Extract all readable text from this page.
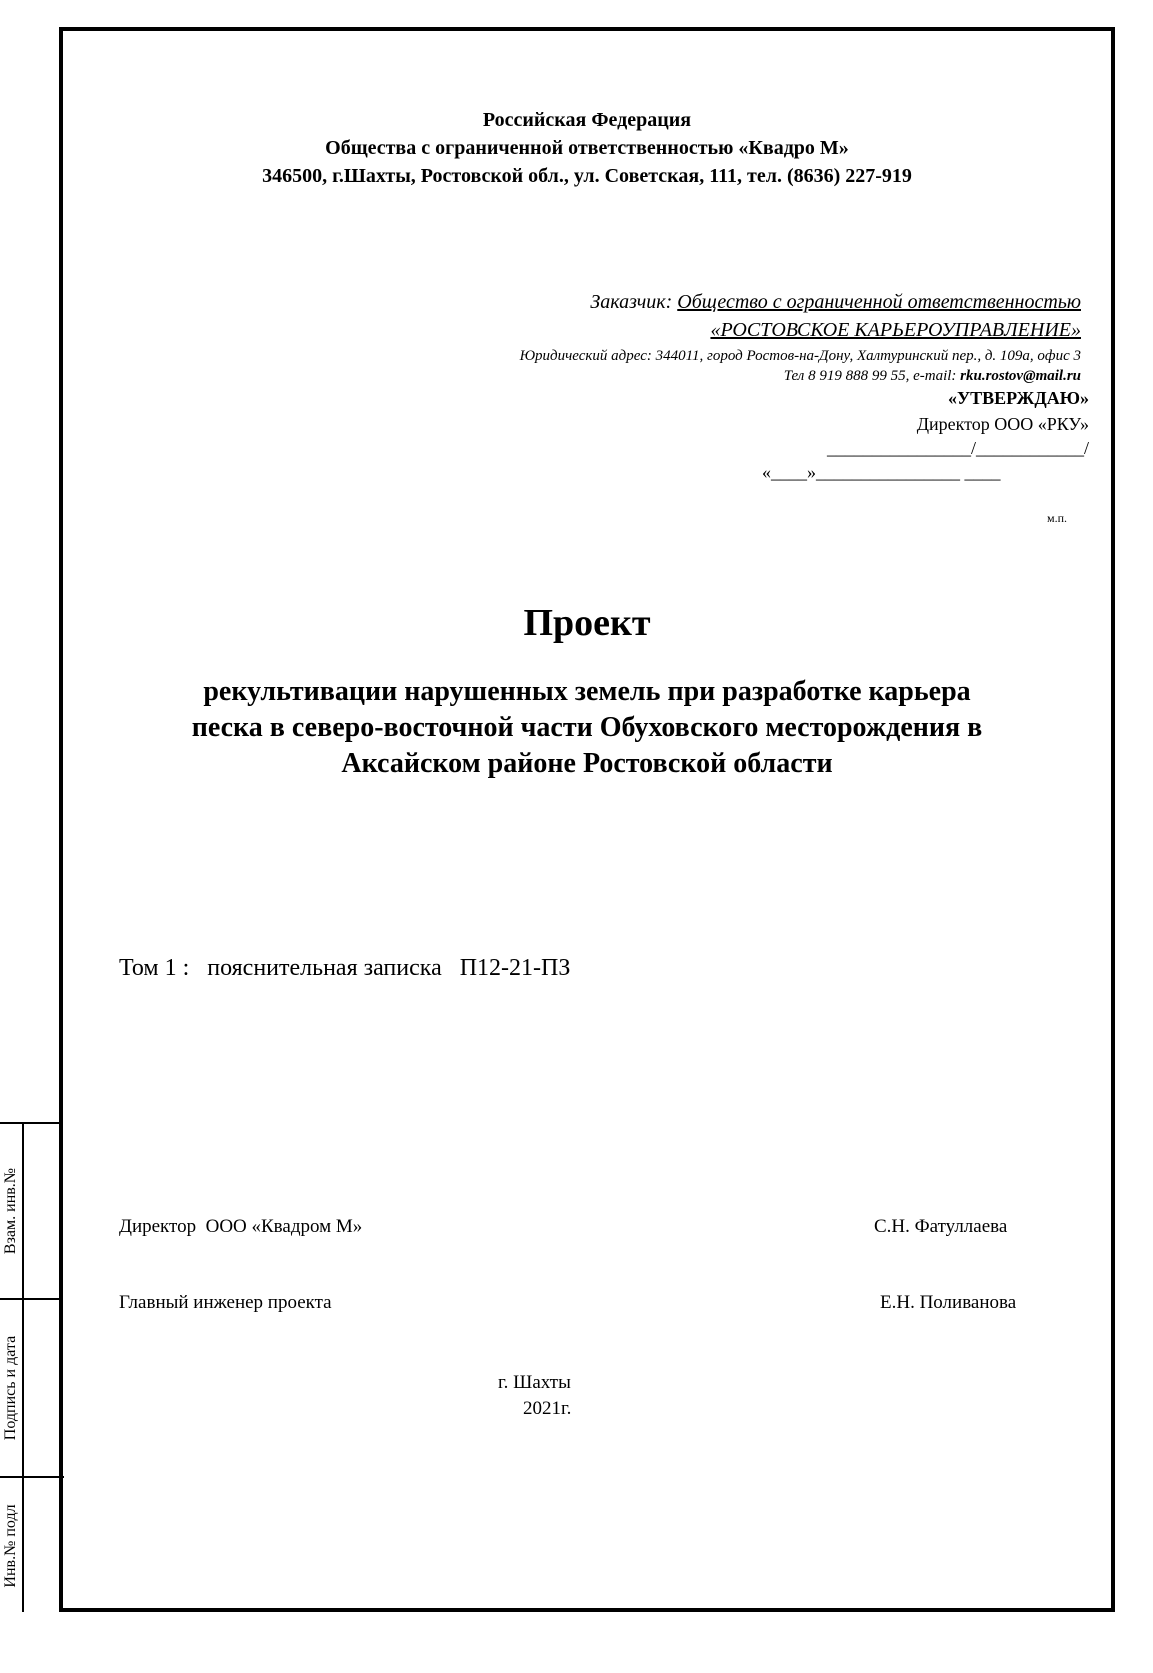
Российская Федерация
Общества с ограниченной ответственностью «Квадро М»
346500, г.Шахты, Ростовской обл., ул. Советская, 111, тел. (8636) 227-919
Заказчик: Общество с ограниченной ответственностью
«РОСТОВСКОЕ КАРЬЕРОУПРАВЛЕНИЕ»
Юридический адрес: 344011, город Ростов-на-Дону, Халтуринский пер., д. 109а, офис 3
Тел 8 919 888 99 55, e-mail: rku.rostov@mail.ru
«УТВЕРЖДАЮ»
Директор ООО «РКУ»
________________/____________/
«____»________________ ____
м.п.
Проект
рекультивации нарушенных земель при разработке карьера
песка в северо-восточной части Обуховского месторождения в
Аксайском районе Ростовской области
Том 1 :   пояснительная записка   П12-21-ПЗ
Директор  ООО «Квадром М»	С.Н. Фатуллаева
Главный инженер проекта	Е.Н. Поливанова
г. Шахты
2021г.
Взам. инв.№
Подпись и дата
Инв.№ подл
